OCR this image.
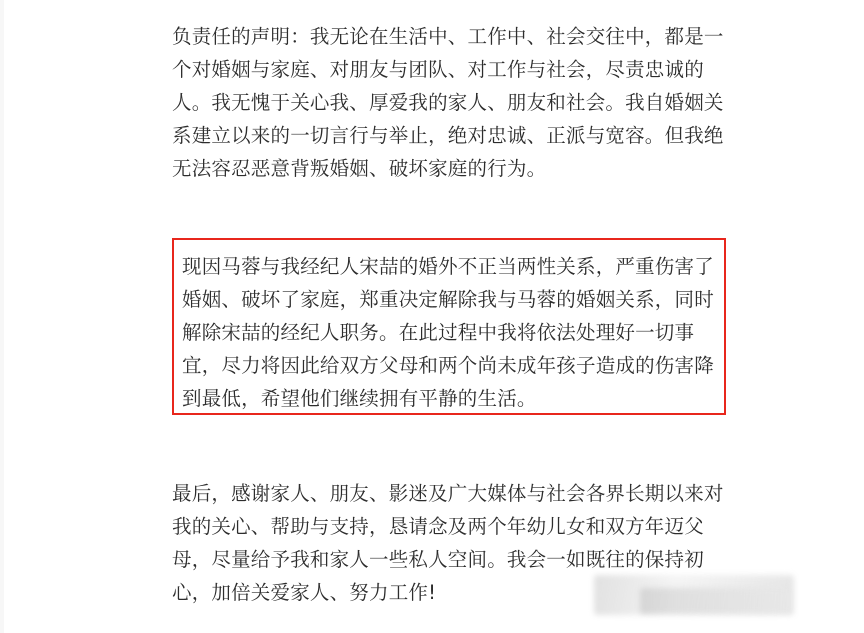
负责任的声明：我无论在生活中、工作中、社会交往中，都是一个对婚姻与家庭、对朋友与团队、对工作与社会，尽责忠诚的人。我无愧于关心我、厚爱我的家人、朋友和社会。我自婚姻关系建立以来的一切言行与举止，绝对忠诚、正派与宽容。但我绝无法容忍恶意背叛婚姻、破坏家庭的行为。
现因马蓉与我经纪人宋喆的婚外不正当两性关系，严重伤害了婚姻、破坏了家庭，郑重决定解除我与马蓉的婚姻关系，同时解除宋喆的经纪人职务。在此过程中我将依法处理好一切事宜，尽力将因此给双方父母和两个尚未成年孩子造成的伤害降到最低，希望他们继续拥有平静的生活。
最后，感谢家人、朋友、影迷及广大媒体与社会各界长期以来对我的关心、帮助与支持，恳请念及两个年幼儿女和双方年迈父母，尽量给予我和家人一些私人空间。我会一如既往的保持初心，加倍关爱家人、努力工作!
